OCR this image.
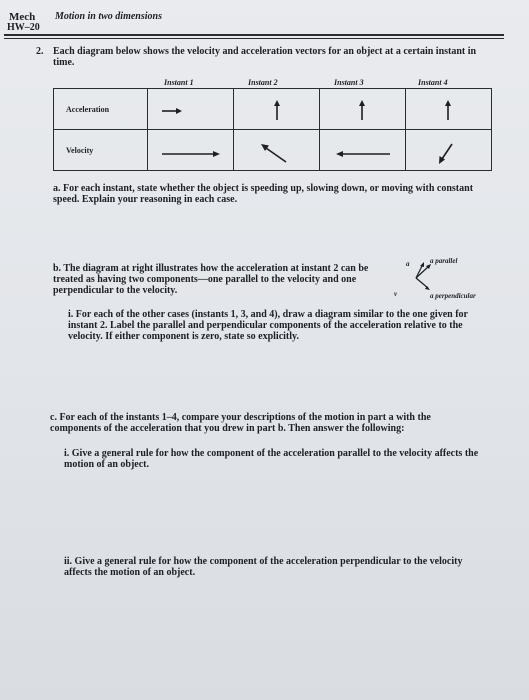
Mech Motion in two dimensions
HW–20
2. Each diagram below shows the velocity and acceleration vectors for an object at a certain instant in time.
Instant 1	Instant 2	Instant 3	Instant 4
Acceleration	

Velocity	

a. For each instant, state whether the object is speeding up, slowing down, or moving with constant speed. Explain your reasoning in each case.
b. The diagram at right illustrates how the acceleration at instant 2 can be treated as having two components—one parallel to the velocity and one perpendicular to the velocity.
a	a parallel
v	a perpendicular
i. For each of the other cases (instants 1, 3, and 4), draw a diagram similar to the one given for instant 2. Label the parallel and perpendicular components of the acceleration relative to the velocity. If either component is zero, state so explicitly.
c. For each of the instants 1–4, compare your descriptions of the motion in part a with the components of the acceleration that you drew in part b. Then answer the following:
i. Give a general rule for how the component of the acceleration parallel to the velocity affects the motion of an object.
ii. Give a general rule for how the component of the acceleration perpendicular to the velocity affects the motion of an object.
